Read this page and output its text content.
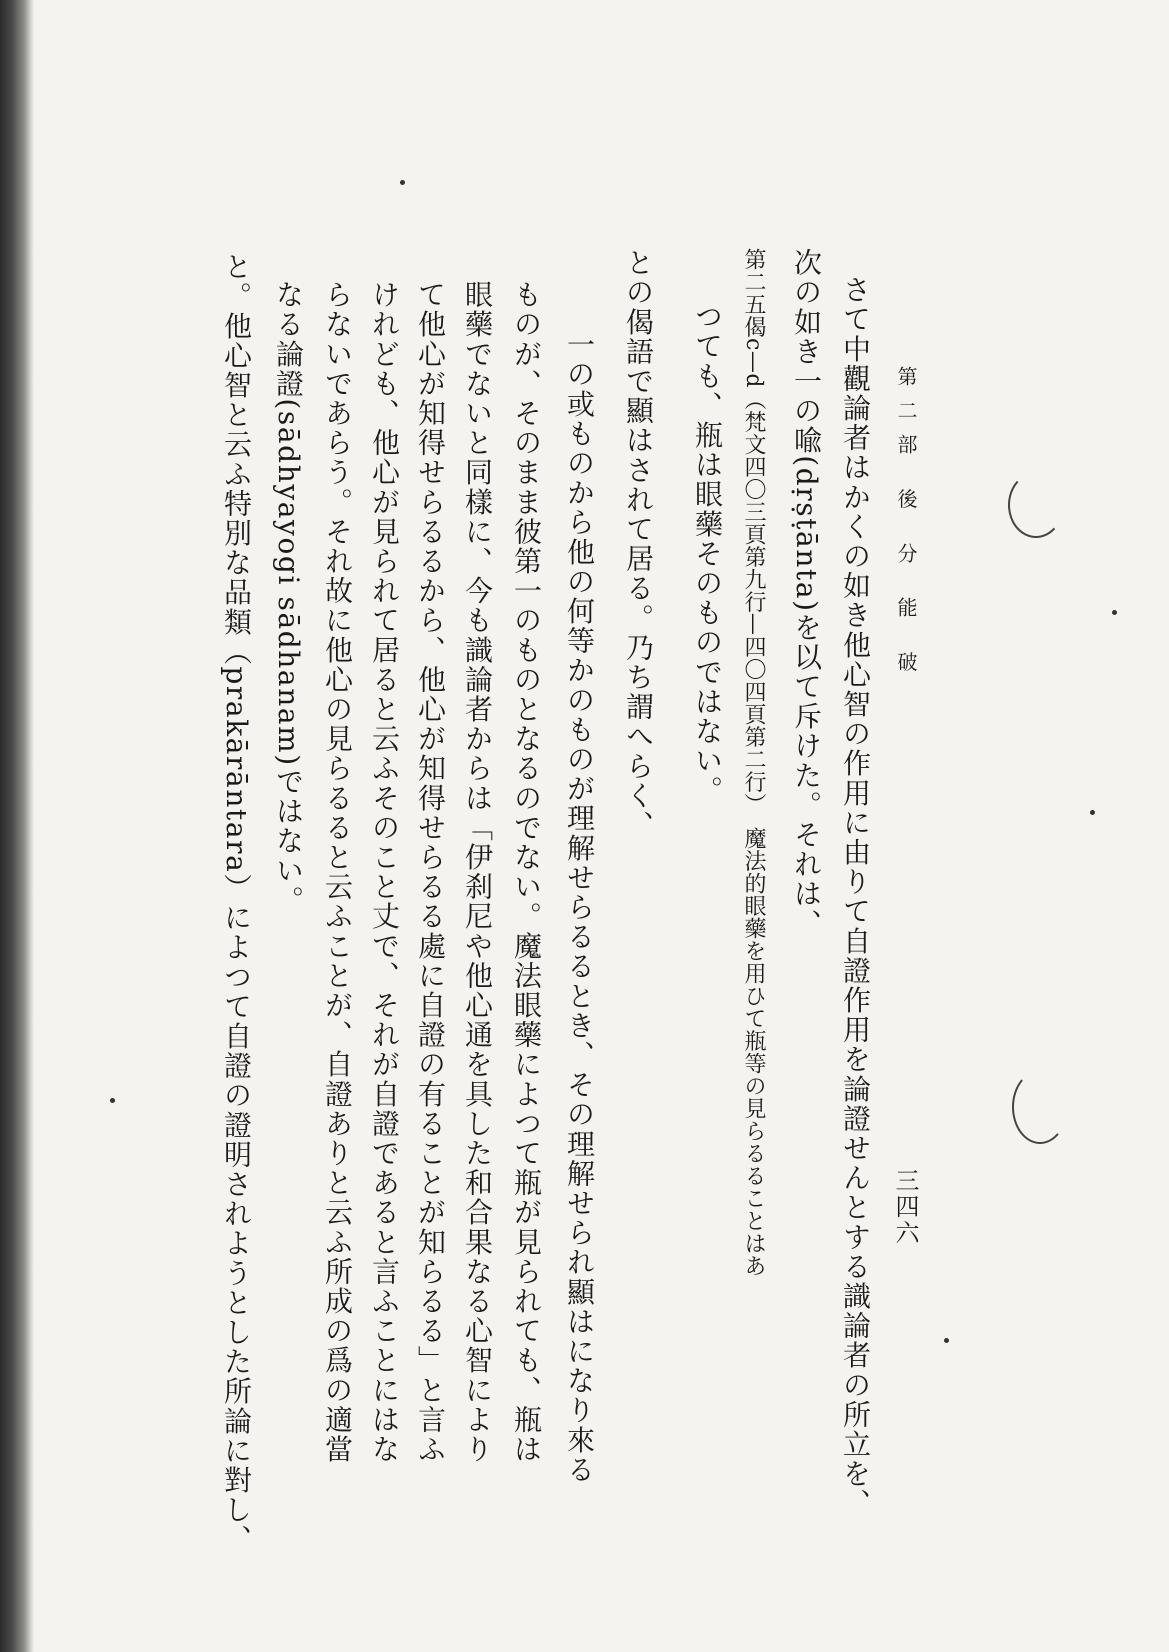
第二部 後 分 能 破
三四六
さて中觀論者はかくの如き他心智の作用に由りて自證作用を論證せんとする識論者の所立を、
次の如き一の喩(dṛṣṭānta)を以て斥けた。それは、
第二五偈c—d（梵文四〇三頁第九行—四〇四頁第二行）　魔法的眼藥を用ひて瓶等の見らるることはあ
つても、瓶は眼藥そのものではない。
との偈語で顯はされて居る。乃ち謂へらく、
一の或ものから他の何等かのものが理解せらるるとき、その理解せられ顯はになり來る
ものが、そのまま彼第一のものとなるのでない。魔法眼藥によつて瓶が見られても、瓶は
眼藥でないと同樣に、今も識論者からは「伊刹尼や他心通を具した和合果なる心智により
て他心が知得せらるるから、他心が知得せらるる處に自證の有ることが知らるる」と言ふ
けれども、他心が見られて居ると云ふそのこと丈で、それが自證であると言ふことにはな
らないであらう。それ故に他心の見らるると云ふことが、自證ありと云ふ所成の爲の適當
なる論證(sādhyayogi sādhanam)ではない。
と。他心智と云ふ特別な品類（prakārāntara）によつて自證の證明されようとした所論に對し、
